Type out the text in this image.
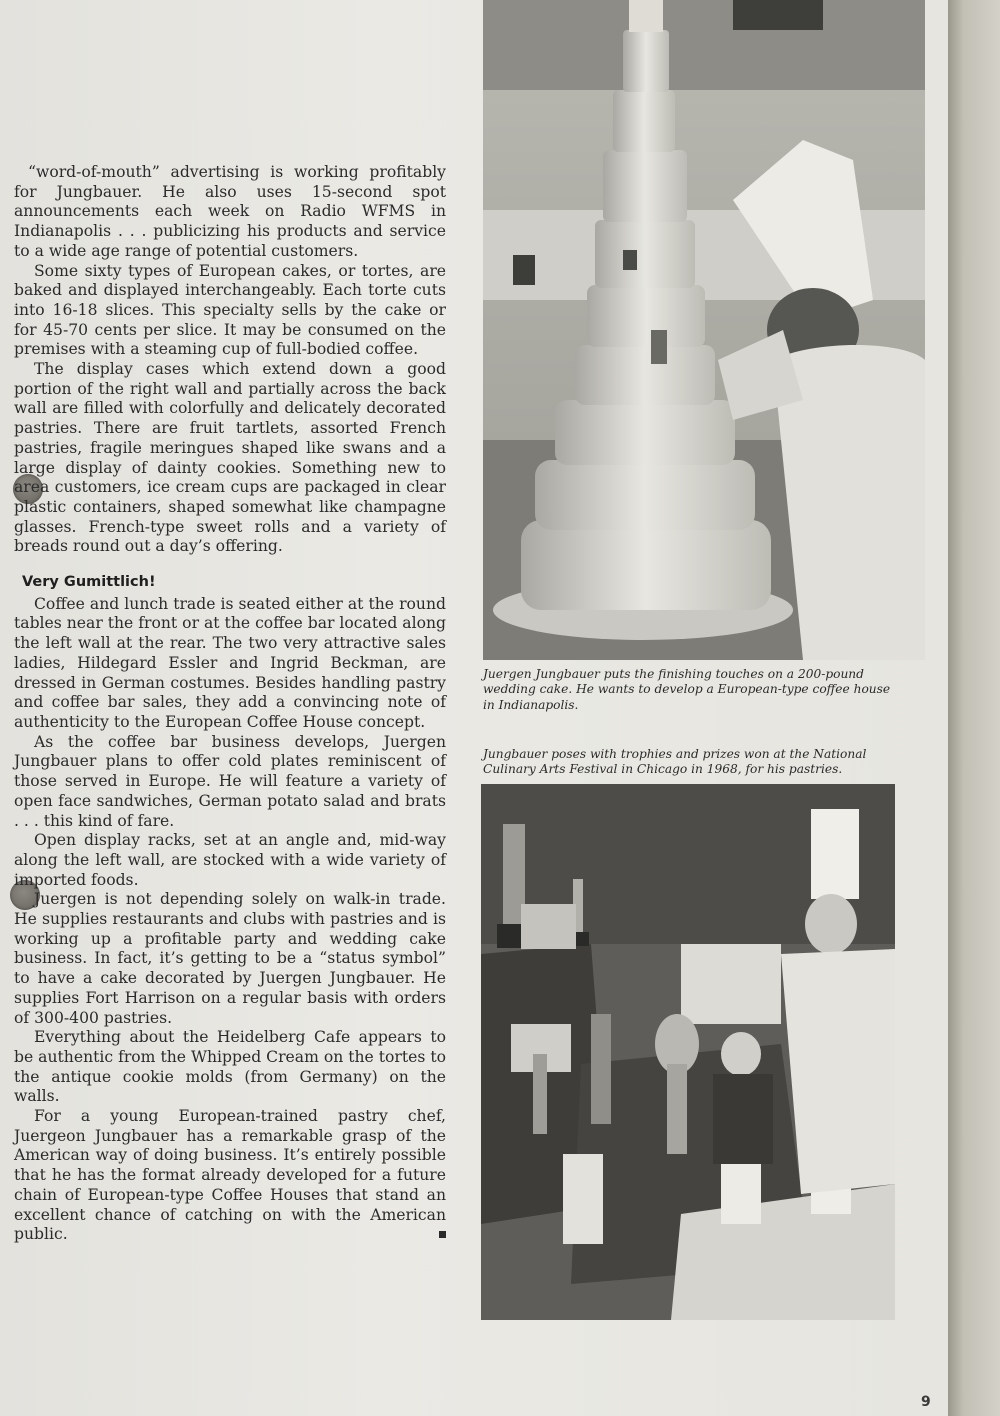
“word-of-mouth” advertising is working profitably for Jungbauer. He also uses 15-second spot announcements each week on Radio WFMS in Indianapolis . . . publicizing his products and service to a wide age range of potential customers.

Some sixty types of European cakes, or tortes, are baked and displayed interchangeably. Each torte cuts into 16-18 slices. This specialty sells by the cake or for 45-70 cents per slice. It may be consumed on the premises with a steaming cup of full-bodied coffee.

The display cases which extend down a good portion of the right wall and partially across the back wall are filled with colorfully and delicately decorated pastries. There are fruit tartlets, assorted French pastries, fragile meringues shaped like swans and a large display of dainty cookies. Something new to area customers, ice cream cups are packaged in clear plastic containers, shaped somewhat like champagne glasses. French-type sweet rolls and a variety of breads round out a day’s offering.

Very Gumittlich!

Coffee and lunch trade is seated either at the round tables near the front or at the coffee bar located along the left wall at the rear. The two very attractive sales ladies, Hildegard Essler and Ingrid Beckman, are dressed in German costumes. Besides handling pastry and coffee bar sales, they add a convincing note of authenticity to the European Coffee House concept.

As the coffee bar business develops, Juergen Jungbauer plans to offer cold plates reminiscent of those served in Europe. He will feature a variety of open face sandwiches, German potato salad and brats . . . this kind of fare.

Open display racks, set at an angle and, mid-way along the left wall, are stocked with a wide variety of imported foods.

Juergen is not depending solely on walk-in trade. He supplies restaurants and clubs with pastries and is working up a profitable party and wedding cake business. In fact, it’s getting to be a “status symbol” to have a cake decorated by Juergen Jungbauer. He supplies Fort Harrison on a regular basis with orders of 300-400 pastries.

Everything about the Heidelberg Cafe appears to be authentic from the Whipped Cream on the tortes to the antique cookie molds (from Germany) on the walls.

For a young European-trained pastry chef, Juergeon Jungbauer has a remarkable grasp of the American way of doing business. It’s entirely possible that he has the format already developed for a future chain of European-type Coffee Houses that stand an excellent chance of catching on with the American public.

Juergen Jungbauer puts the finishing touches on a 200-pound wedding cake. He wants to develop a European-type coffee house in Indianapolis.
Jungbauer poses with trophies and prizes won at the National Culinary Arts Festival in Chicago in 1968, for his pastries.
9
